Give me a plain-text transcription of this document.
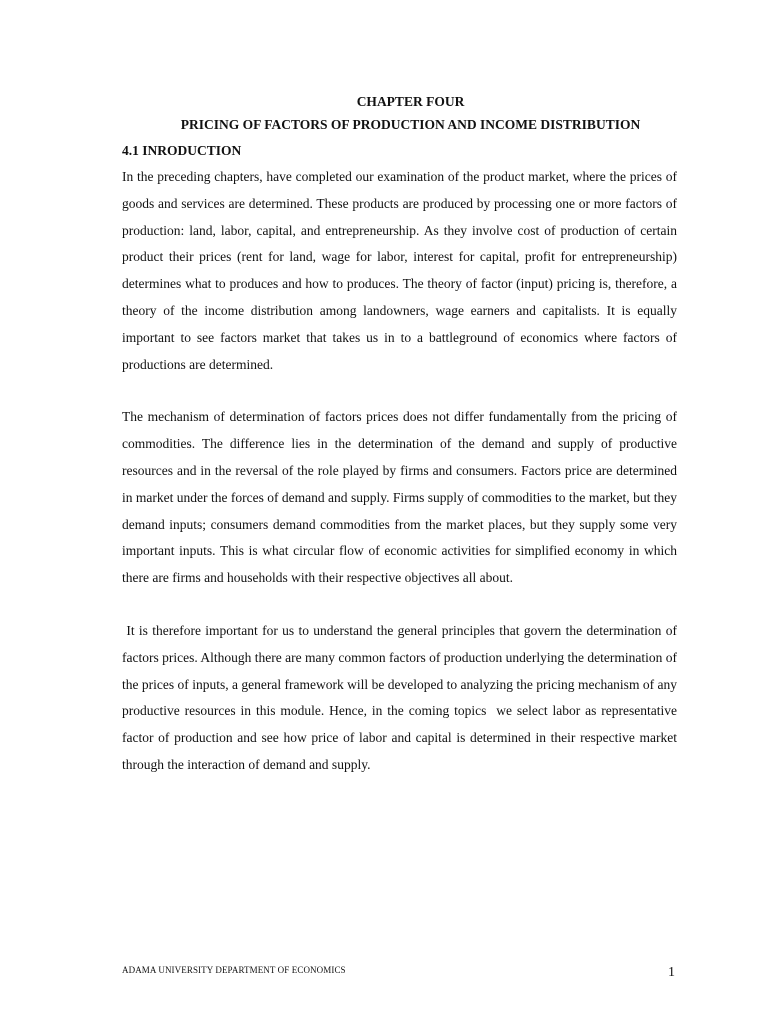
CHAPTER FOUR
PRICING OF FACTORS OF PRODUCTION AND INCOME DISTRIBUTION
4.1 INRODUCTION

In the preceding chapters, have completed our examination of the product market, where the prices of goods and services are determined. These products are produced by processing one or more factors of production: land, labor, capital, and entrepreneurship. As they involve cost of production of certain product their prices (rent for land, wage for labor, interest for capital, profit for entrepreneurship) determines what to produces and how to produces. The theory of factor (input) pricing is, therefore, a theory of the income distribution among landowners, wage earners and capitalists. It is equally important to see factors market that takes us in to a battleground of economics where factors of productions are determined.

The mechanism of determination of factors prices does not differ fundamentally from the pricing of commodities. The difference lies in the determination of the demand and supply of productive resources and in the reversal of the role played by firms and consumers. Factors price are determined in market under the forces of demand and supply. Firms supply of commodities to the market, but they demand inputs; consumers demand commodities from the market places, but they supply some very important inputs. This is what circular flow of economic activities for simplified economy in which there are firms and households with their respective objectives all about.

It is therefore important for us to understand the general principles that govern the determination of factors prices. Although there are many common factors of production underlying the determination of the prices of inputs, a general framework will be developed to analyzing the pricing mechanism of any productive resources in this module. Hence, in the coming topics  we select labor as representative factor of production and see how price of labor and capital is determined in their respective market  through the interaction of demand and supply.

ADAMA UNIVERSITY DEPARTMENT OF ECONOMICS	1
